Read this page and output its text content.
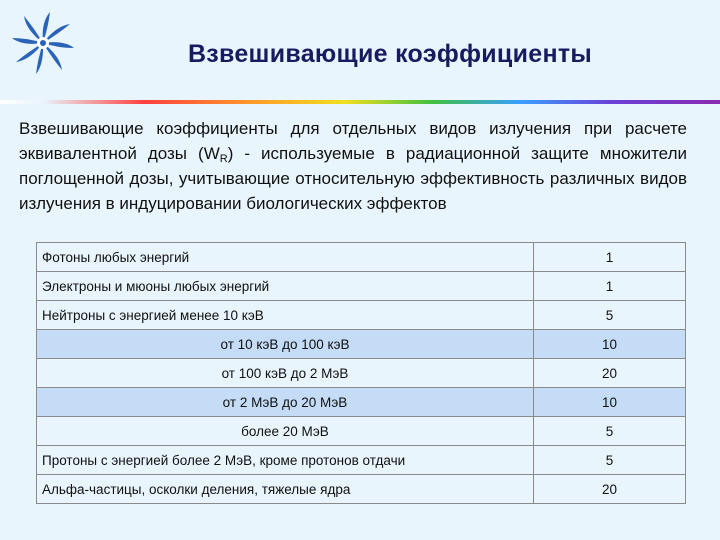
Взвешивающие коэффициенты
Взвешивающие коэффициенты для отдельных видов излучения при расчете эквивалентной дозы $(W_R)$ - используемые в радиационной защите множители поглощенной дозы, учитывающие относительную эффективность различных видов излучения в индуцировании биологических эффектов
Фотоны любых энергий	1
Электроны и мюоны любых энергий	1
Нейтроны с энергией менее 10 кэВ	5
от 10 кэВ до 100 кэВ	10
от 100 кэВ до 2 МэВ	20
от 2 МэВ до 20 МэВ	10
более 20 МэВ	5
Протоны с энергией более 2 МэВ, кроме протонов отдачи	5
Альфа-частицы, осколки деления, тяжелые ядра	20
